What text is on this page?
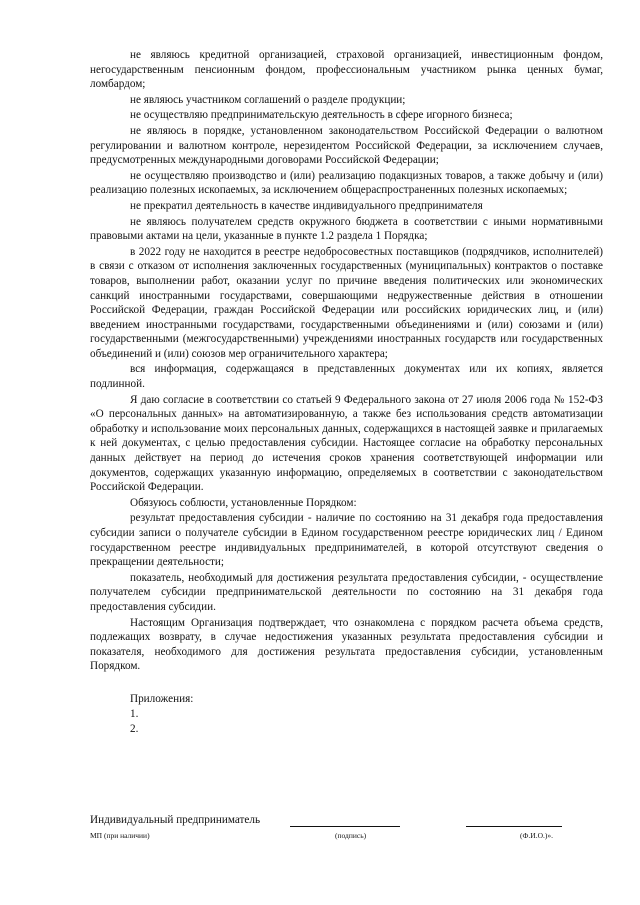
не являюсь кредитной организацией, страховой организацией, инвестиционным фондом, негосударственным пенсионным фондом, профессиональным участником рынка ценных бумаг, ломбардом;

не являюсь участником соглашений о разделе продукции;

не осуществляю предпринимательскую деятельность в сфере игорного бизнеса;

не являюсь в порядке, установленном законодательством Российской Федерации о валютном регулировании и валютном контроле, нерезидентом Российской Федерации, за исключением случаев, предусмотренных международными договорами Российской Федерации;

не осуществляю производство и (или) реализацию подакцизных товаров, а также добычу и (или) реализацию полезных ископаемых, за исключением общераспространенных полезных ископаемых;

не прекратил деятельность в качестве индивидуального предпринимателя

не являюсь получателем средств окружного бюджета в соответствии с иными нормативными правовыми актами на цели, указанные в пункте 1.2 раздела 1 Порядка;

в 2022 году не находится в реестре недобросовестных поставщиков (подрядчиков, исполнителей) в связи с отказом от исполнения заключенных государственных (муниципальных) контрактов о поставке товаров, выполнении работ, оказании услуг по причине введения политических или экономических санкций иностранными государствами, совершающими недружественные действия в отношении Российской Федерации, граждан Российской Федерации или российских юридических лиц, и (или) введением иностранными государствами, государственными объединениями и (или) союзами и (или) государственными (межгосударственными) учреждениями иностранных государств или государственных объединений и (или) союзов мер ограничительного характера;

вся информация, содержащаяся в представленных документах или их копиях, является подлинной.

Я даю согласие в соответствии со статьей 9 Федерального закона от 27 июля 2006 года № 152-ФЗ «О персональных данных» на автоматизированную, а также без использования средств автоматизации обработку и использование моих персональных данных, содержащихся в настоящей заявке и прилагаемых к ней документах, с целью предоставления субсидии. Настоящее согласие на обработку персональных данных действует на период до истечения сроков хранения соответствующей информации или документов, содержащих указанную информацию, определяемых в соответствии с законодательством Российской Федерации.

Обязуюсь соблюсти, установленные Порядком:

результат предоставления субсидии - наличие по состоянию на 31 декабря года предоставления субсидии записи о получателе субсидии в Едином государственном реестре юридических лиц / Едином государственном реестре индивидуальных предпринимателей, в которой отсутствуют сведения о прекращении деятельности;

показатель, необходимый для достижения результата предоставления субсидии, - осуществление получателем субсидии предпринимательской деятельности по состоянию на 31 декабря года предоставления субсидии.

Настоящим Организация подтверждает, что ознакомлена с порядком расчета объема средств, подлежащих возврату, в случае недостижения указанных результата предоставления субсидии и показателя, необходимого для достижения результата предоставления субсидии, установленным Порядком.

Приложения:
1.
2.
Индивидуальный предприниматель
МП (при наличии)	(подпись)	(Ф.И.О.)».
